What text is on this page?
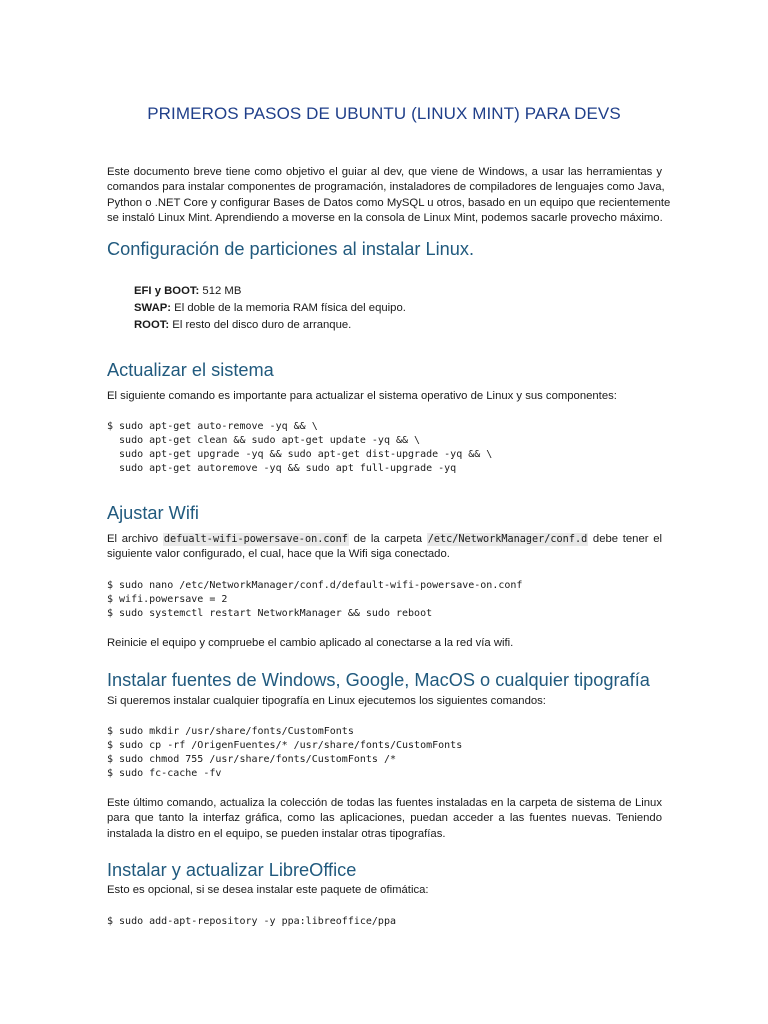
PRIMEROS PASOS DE UBUNTU (LINUX MINT) PARA DEVS
Este documento breve tiene como objetivo el guiar al dev, que viene de Windows, a usar las herramientas y
comandos para instalar componentes de programación, instaladores de compiladores de lenguajes como Java,
Python o .NET Core y configurar Bases de Datos como MySQL u otros, basado en un equipo que recientemente
se instaló Linux Mint. Aprendiendo a moverse en la consola de Linux Mint, podemos sacarle provecho máximo.
Configuración de particiones al instalar Linux.
EFI y BOOT: 512 MB
SWAP: El doble de la memoria RAM física del equipo.
ROOT: El resto del disco duro de arranque.
Actualizar el sistema
El siguiente comando es importante para actualizar el sistema operativo de Linux y sus componentes:
$ sudo apt-get auto-remove -yq && \
sudo apt-get clean && sudo apt-get update -yq && \
sudo apt-get upgrade -yq && sudo apt-get dist-upgrade -yq && \
sudo apt-get autoremove -yq && sudo apt full-upgrade -yq
Ajustar Wifi
El archivo defualt-wifi-powersave-on.conf de la carpeta /etc/NetworkManager/conf.d debe tener el
siguiente valor configurado, el cual, hace que la Wifi siga conectado.
$ sudo nano /etc/NetworkManager/conf.d/default-wifi-powersave-on.conf
$ wifi.powersave = 2
$ sudo systemctl restart NetworkManager && sudo reboot
Reinicie el equipo y compruebe el cambio aplicado al conectarse a la red vía wifi.
Instalar fuentes de Windows, Google, MacOS o cualquier tipografía
Si queremos instalar cualquier tipografía en Linux ejecutemos los siguientes comandos:
$ sudo mkdir /usr/share/fonts/CustomFonts
$ sudo cp -rf /OrigenFuentes/* /usr/share/fonts/CustomFonts
$ sudo chmod 755 /usr/share/fonts/CustomFonts /*
$ sudo fc-cache -fv
Este último comando, actualiza la colección de todas las fuentes instaladas en la carpeta de sistema de Linux
para que tanto la interfaz gráfica, como las aplicaciones, puedan acceder a las fuentes nuevas. Teniendo
instalada la distro en el equipo, se pueden instalar otras tipografías.
Instalar y actualizar LibreOffice
Esto es opcional, si se desea instalar este paquete de ofimática:
$ sudo add-apt-repository -y ppa:libreoffice/ppa
